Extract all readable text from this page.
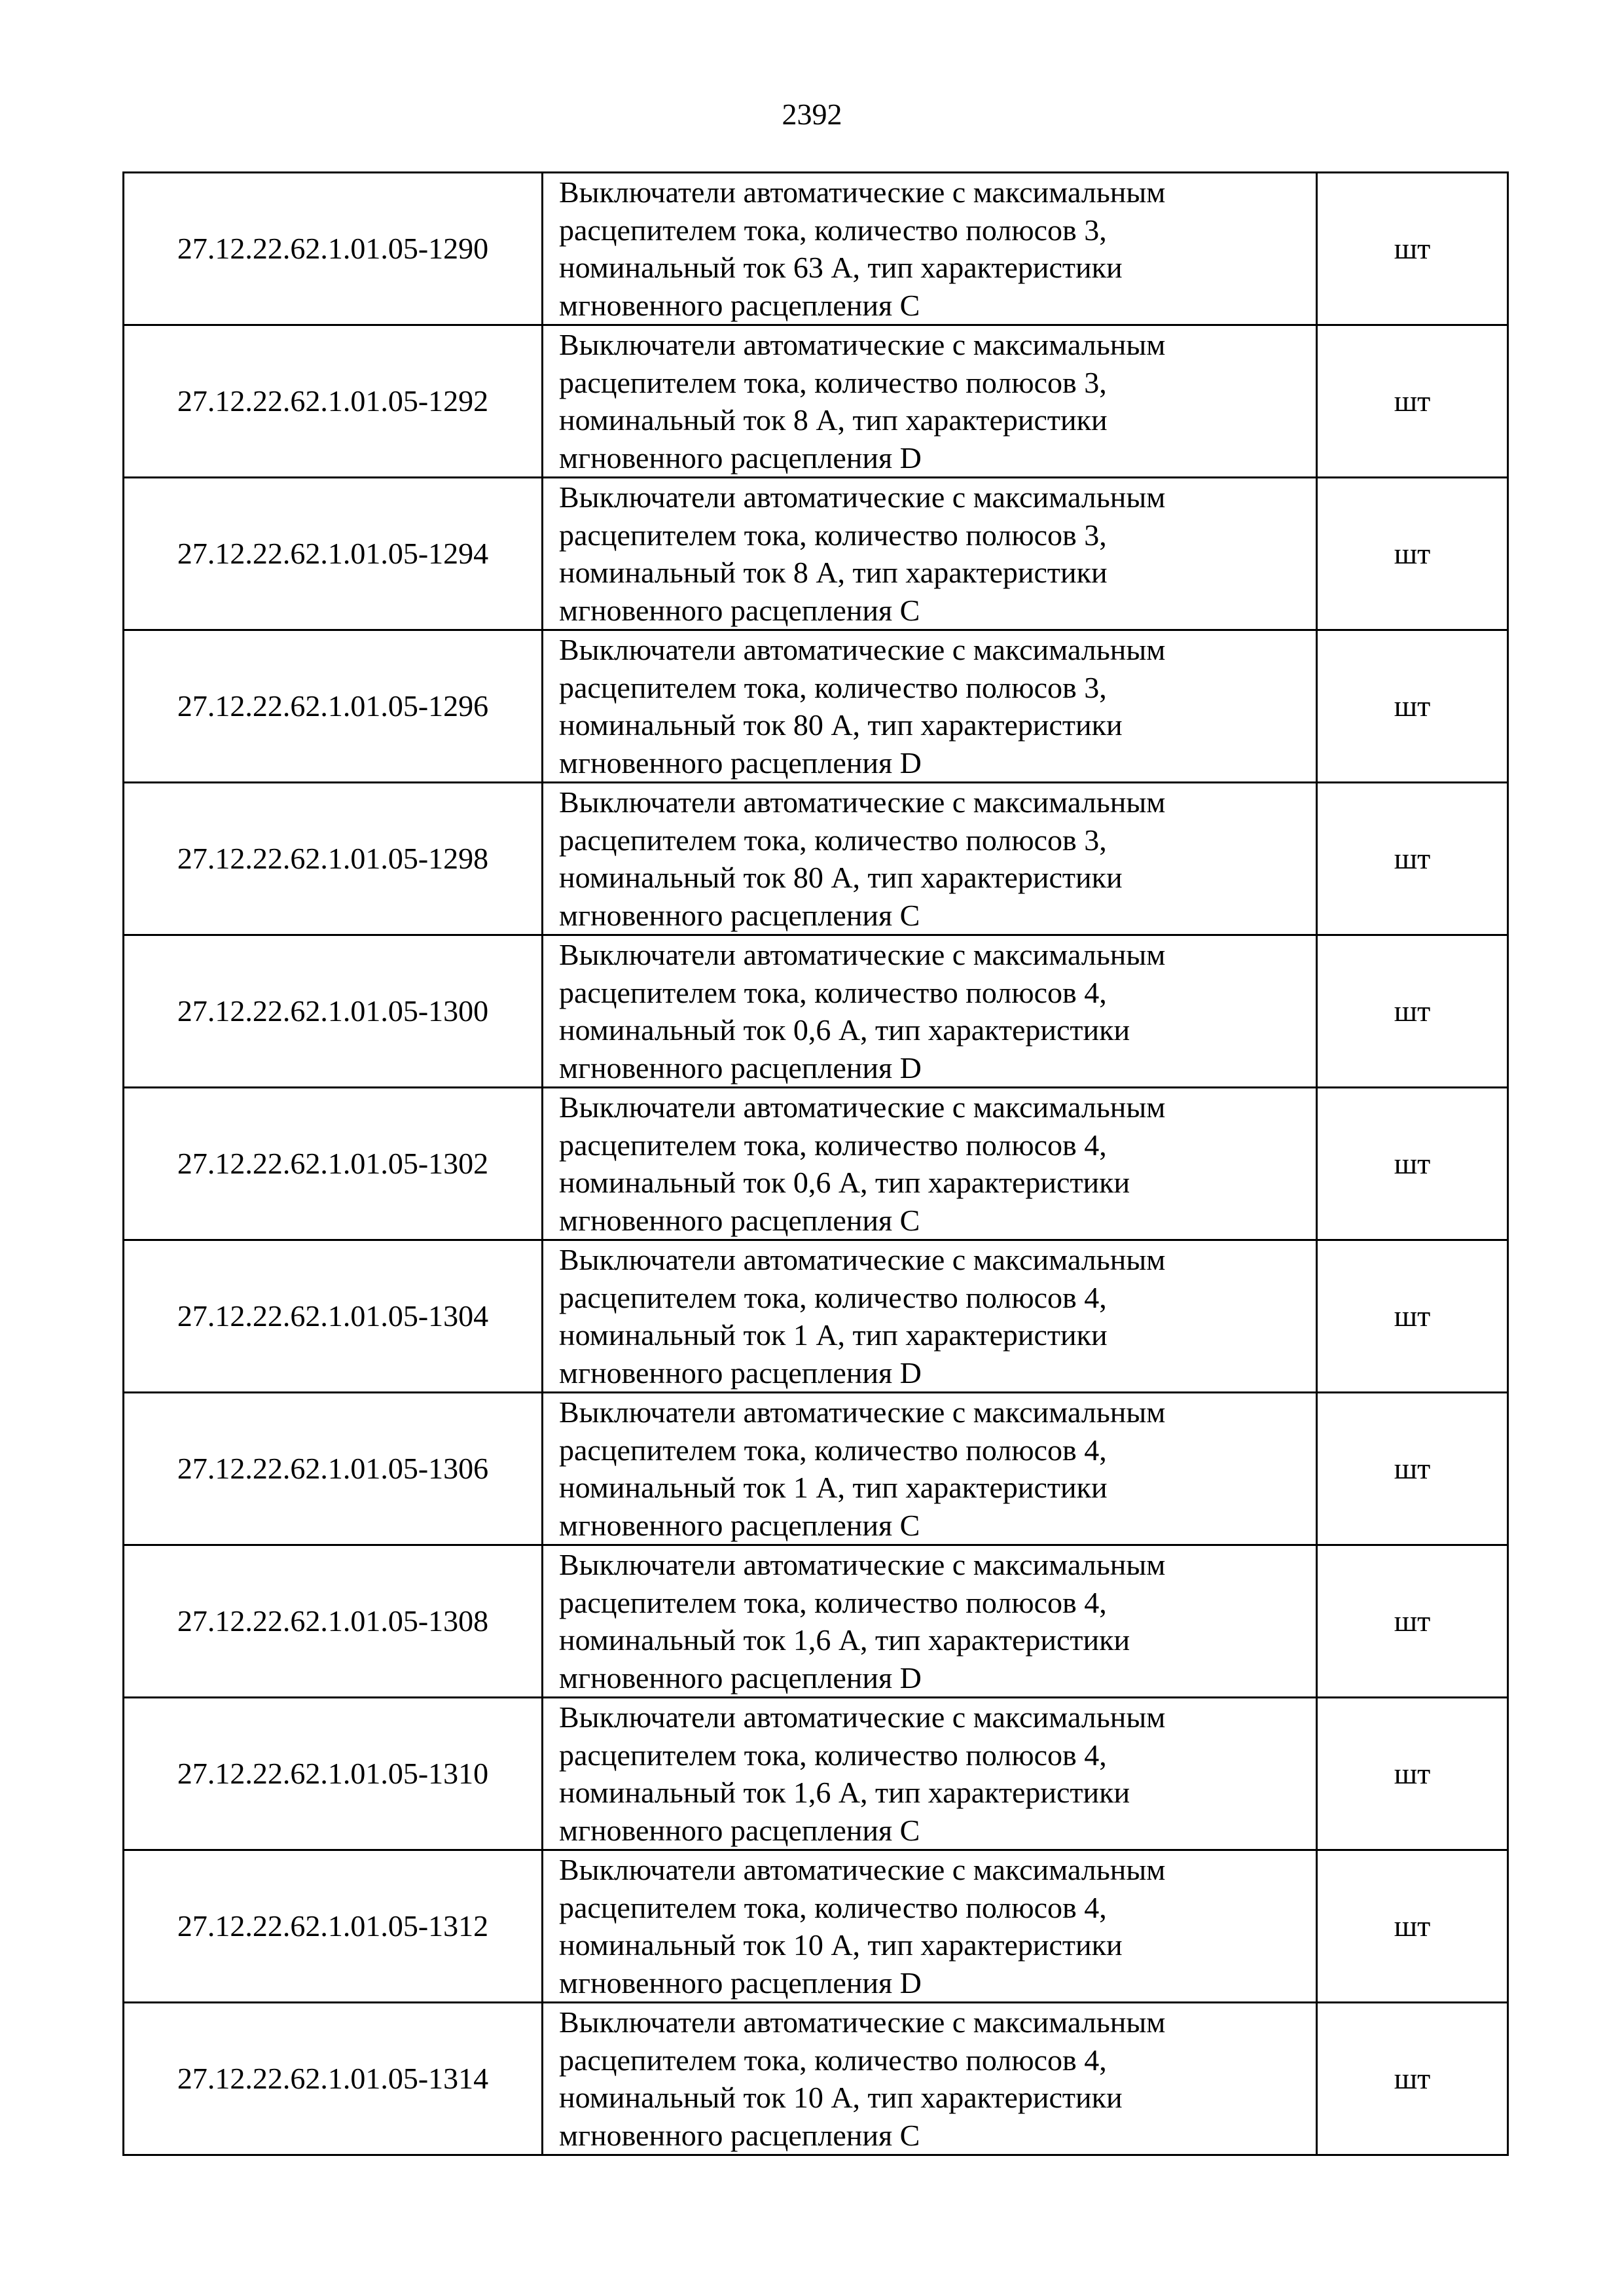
2392
27.12.22.62.1.01.05-1290	Выключатели автоматические с максимальным
расцепителем тока, количество полюсов 3,
номинальный ток 63 А, тип характеристики
мгновенного расцепления С	шт
27.12.22.62.1.01.05-1292	Выключатели автоматические с максимальным
расцепителем тока, количество полюсов 3,
номинальный ток 8 А, тип характеристики
мгновенного расцепления D	шт
27.12.22.62.1.01.05-1294	Выключатели автоматические с максимальным
расцепителем тока, количество полюсов 3,
номинальный ток 8 А, тип характеристики
мгновенного расцепления С	шт
27.12.22.62.1.01.05-1296	Выключатели автоматические с максимальным
расцепителем тока, количество полюсов 3,
номинальный ток 80 А, тип характеристики
мгновенного расцепления D	шт
27.12.22.62.1.01.05-1298	Выключатели автоматические с максимальным
расцепителем тока, количество полюсов 3,
номинальный ток 80 А, тип характеристики
мгновенного расцепления С	шт
27.12.22.62.1.01.05-1300	Выключатели автоматические с максимальным
расцепителем тока, количество полюсов 4,
номинальный ток 0,6 А, тип характеристики
мгновенного расцепления D	шт
27.12.22.62.1.01.05-1302	Выключатели автоматические с максимальным
расцепителем тока, количество полюсов 4,
номинальный ток 0,6 А, тип характеристики
мгновенного расцепления С	шт
27.12.22.62.1.01.05-1304	Выключатели автоматические с максимальным
расцепителем тока, количество полюсов 4,
номинальный ток 1 А, тип характеристики
мгновенного расцепления D	шт
27.12.22.62.1.01.05-1306	Выключатели автоматические с максимальным
расцепителем тока, количество полюсов 4,
номинальный ток 1 А, тип характеристики
мгновенного расцепления С	шт
27.12.22.62.1.01.05-1308	Выключатели автоматические с максимальным
расцепителем тока, количество полюсов 4,
номинальный ток 1,6 А, тип характеристики
мгновенного расцепления D	шт
27.12.22.62.1.01.05-1310	Выключатели автоматические с максимальным
расцепителем тока, количество полюсов 4,
номинальный ток 1,6 А, тип характеристики
мгновенного расцепления С	шт
27.12.22.62.1.01.05-1312	Выключатели автоматические с максимальным
расцепителем тока, количество полюсов 4,
номинальный ток 10 А, тип характеристики
мгновенного расцепления D	шт
27.12.22.62.1.01.05-1314	Выключатели автоматические с максимальным
расцепителем тока, количество полюсов 4,
номинальный ток 10 А, тип характеристики
мгновенного расцепления С	шт
